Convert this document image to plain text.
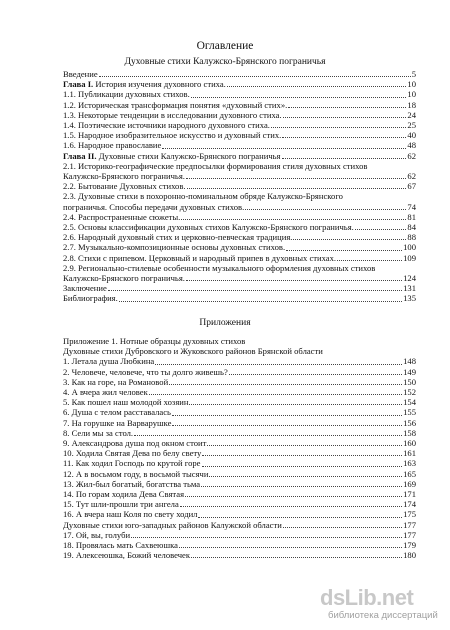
Оглавление
Духовные стихи Калужско-Брянского пограничья
Введение	5
Глава I. История изучения духовного стиха.	10
1.1. Публикации духовных стихов.	10
1.2. Историческая трансформация понятия «духовный стих».	18
1.3. Некоторые тенденции в исследовании духовного стиха.	24
1.4. Поэтические источники народного духовного стиха.	25
1.5. Народное изобразительное искусство и духовный стих.	40
1.6. Народное православие	48
Глава II. Духовные стихи Калужско-Брянского пограничья	62
2.1. Историко-географические предпосылки формирования стиля духовных стихов
Калужско-Брянского пограничья.	62
2.2. Бытование Духовных стихов.	67
2.3. Духовные стихи в похоронно-поминальном обряде Калужско-Брянского
пограничья. Способы передачи духовных стихов.	74
2.4. Распространенные сюжеты.	81
2.5. Основы классификации духовных стихов Калужско-Брянского пограничья.	84
2.6. Народный духовный стих и церковно-певческая традиция.	88
2.7. Музыкально-композиционные основы духовных стихов.	100
2.8. Стихи с припевом. Церковный и народный припев в духовных стихах.	109
2.9. Регионально-стилевые особенности музыкального оформления духовных стихов
Калужско-Брянского пограничья.	124
Заключение	131
Библиография.	135
Приложения
Приложение 1. Нотные образцы духовных стихов
Духовные стихи Дубровского и Жуковского районов Брянской области
1. Летала душа Любкина	148
2. Человече, человече, что ты долго живешь?	149
3. Как на горе, на Романовой	150
4. А вчера жил человек	152
5. Как пошел наш молодой хозяин	154
6. Душа с телом расставалась	155
7. На горушке на Варварушке	156
8. Сели мы за стол.	158
9. Александрова душа под окном стоит	160
10. Ходила Святая Дева по белу свету	161
11. Как ходил Господь по крутой горе	163
12. А в восьмом году, в восьмой тысячи	165
13. Жил-был богатый, богатства тьма	169
14. По горам ходила Дева Святая	171
15. Тут шли-прошли три ангела	174
16. А вчера наш Коля по свету ходил	175
Духовные стихи юго-западных районов Калужской области	177
17. Ой, вы, голуби	177
18. Провялась мать Сахвеюшка	179
19. Алексеюшка, Божий человечек	180
dsLib.net
библиотека диссертаций
